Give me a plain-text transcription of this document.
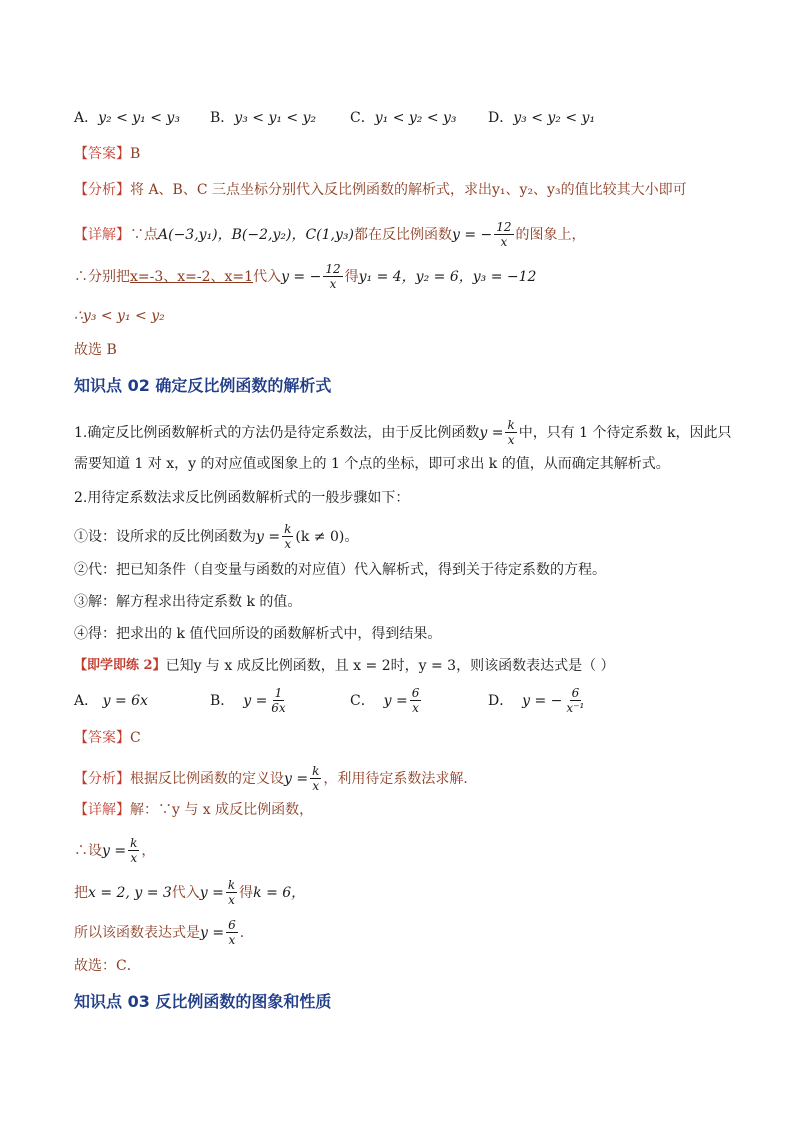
A．y₂ < y₁ < y₃	B．y₃ < y₁ < y₂	C．y₁ < y₂ < y₃	D．y₃ < y₂ < y₁
【答案】 B
【分析】 将 A、B、C 三点坐标分别代入反比例函数的解析式，求出y₁、y₂、y₃的值比较其大小即可
【详解】 ∵点 A(−3,y₁)，B(−2,y₂)，C(1,y₃) 都在反比例函数 y = − $\frac{12}{x}$ 的图象上，
∴分别把 x=-3、x=-2、x=1 代入 y = − $\frac{12}{x}$ 得 y₁ = 4，y₂ = 6，y₃ = −12
∴y₃ < y₁ < y₂
故选 B
知识点 02 确定反比例函数的解析式
1.确定反比例函数解析式的方法仍是待定系数法，由于反比例函数 $y = \frac{k}{x}$ 中，只有 1 个待定系数 k，因此只
需要知道 1 对 x，y 的对应值或图象上的 1 个点的坐标，即可求出 k 的值，从而确定其解析式。
2.用待定系数法求反比例函数解析式的一般步骤如下：
①设：设所求的反比例函数为 $y = \frac{k}{x} (k \ne 0)$。
②代：把已知条件（自变量与函数的对应值）代入解析式，得到关于待定系数的方程。
③解：解方程求出待定系数 k 的值。
④得：把求出的 k 值代回所设的函数解析式中，得到结果。
【即学即练 2】 已知y 与 x 成反比例函数，且 x = 2时，y = 3，则该函数表达式是（ ）
A． y = 6x	B．
$y = \frac{1}{6x}$	C．
$y = \frac{6}{x}$	D．
y = − $\frac{6}{\text{x⁻¹}}$
【答案】 C
【分析】 根据反比例函数的定义设 $y = \frac{k}{x}$ ，利用待定系数法求解．
【详解】 解：∵y 与 x 成反比例函数，
∴设 $y = \frac{k}{x}$ ，
把 x = 2, y = 3 代入 $y = \frac{k}{x}$ 得 k = 6，
所以该函数表达式是 $y = \frac{6}{x}$ ．
故选：C．
知识点 03 反比例函数的图象和性质
